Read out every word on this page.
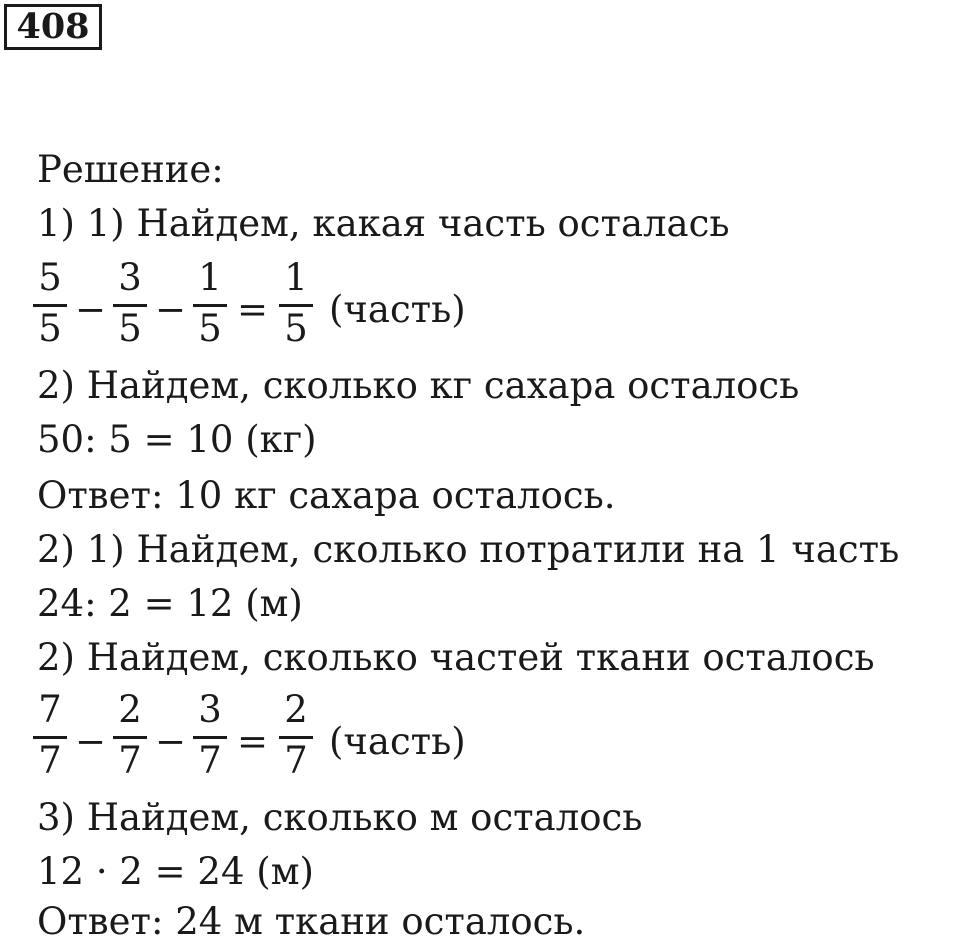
408
Решение:
1) 1) Найдем, какая часть осталась
5
5 −
3
5 −
1
5 =
1
5 (часть)
2) Найдем, сколько кг сахара осталось
50: 5 = 10 (кг)
Ответ: 10 кг сахара осталось.
2) 1) Найдем, сколько потратили на 1 часть
24: 2 = 12 (м)
2) Найдем, сколько частей ткани осталось
7
7 −
2
7 −
3
7 =
2
7 (часть)
3) Найдем, сколько м осталось
12 · 2 = 24 (м)
Ответ: 24 м ткани осталось.
